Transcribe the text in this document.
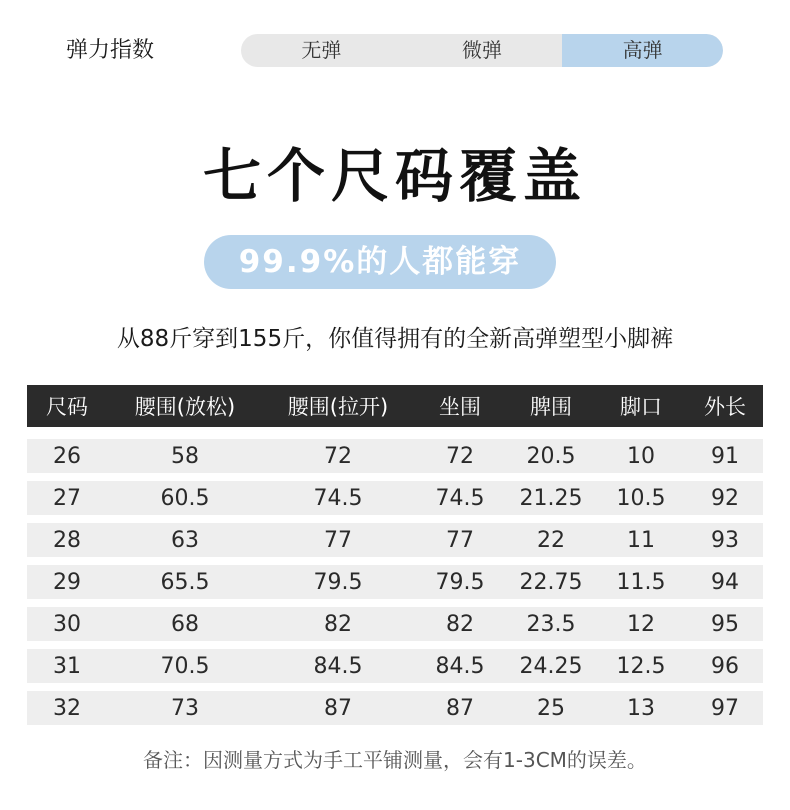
弹力指数	无弹	微弹	高弹
七个尺码覆盖
99.9%的人都能穿
从88斤穿到155斤，你值得拥有的全新高弹塑型小脚裤
尺码	腰围(放松)	腰围(拉开)	坐围	脾围	脚口	外长
26	58	72	72	20.5	10	91
27	60.5	74.5	74.5	21.25	10.5	92
28	63	77	77	22	11	93
29	65.5	79.5	79.5	22.75	11.5	94
30	68	82	82	23.5	12	95
31	70.5	84.5	84.5	24.25	12.5	96
32	73	87	87	25	13	97
备注：因测量方式为手工平铺测量，会有1-3CM的误差。
